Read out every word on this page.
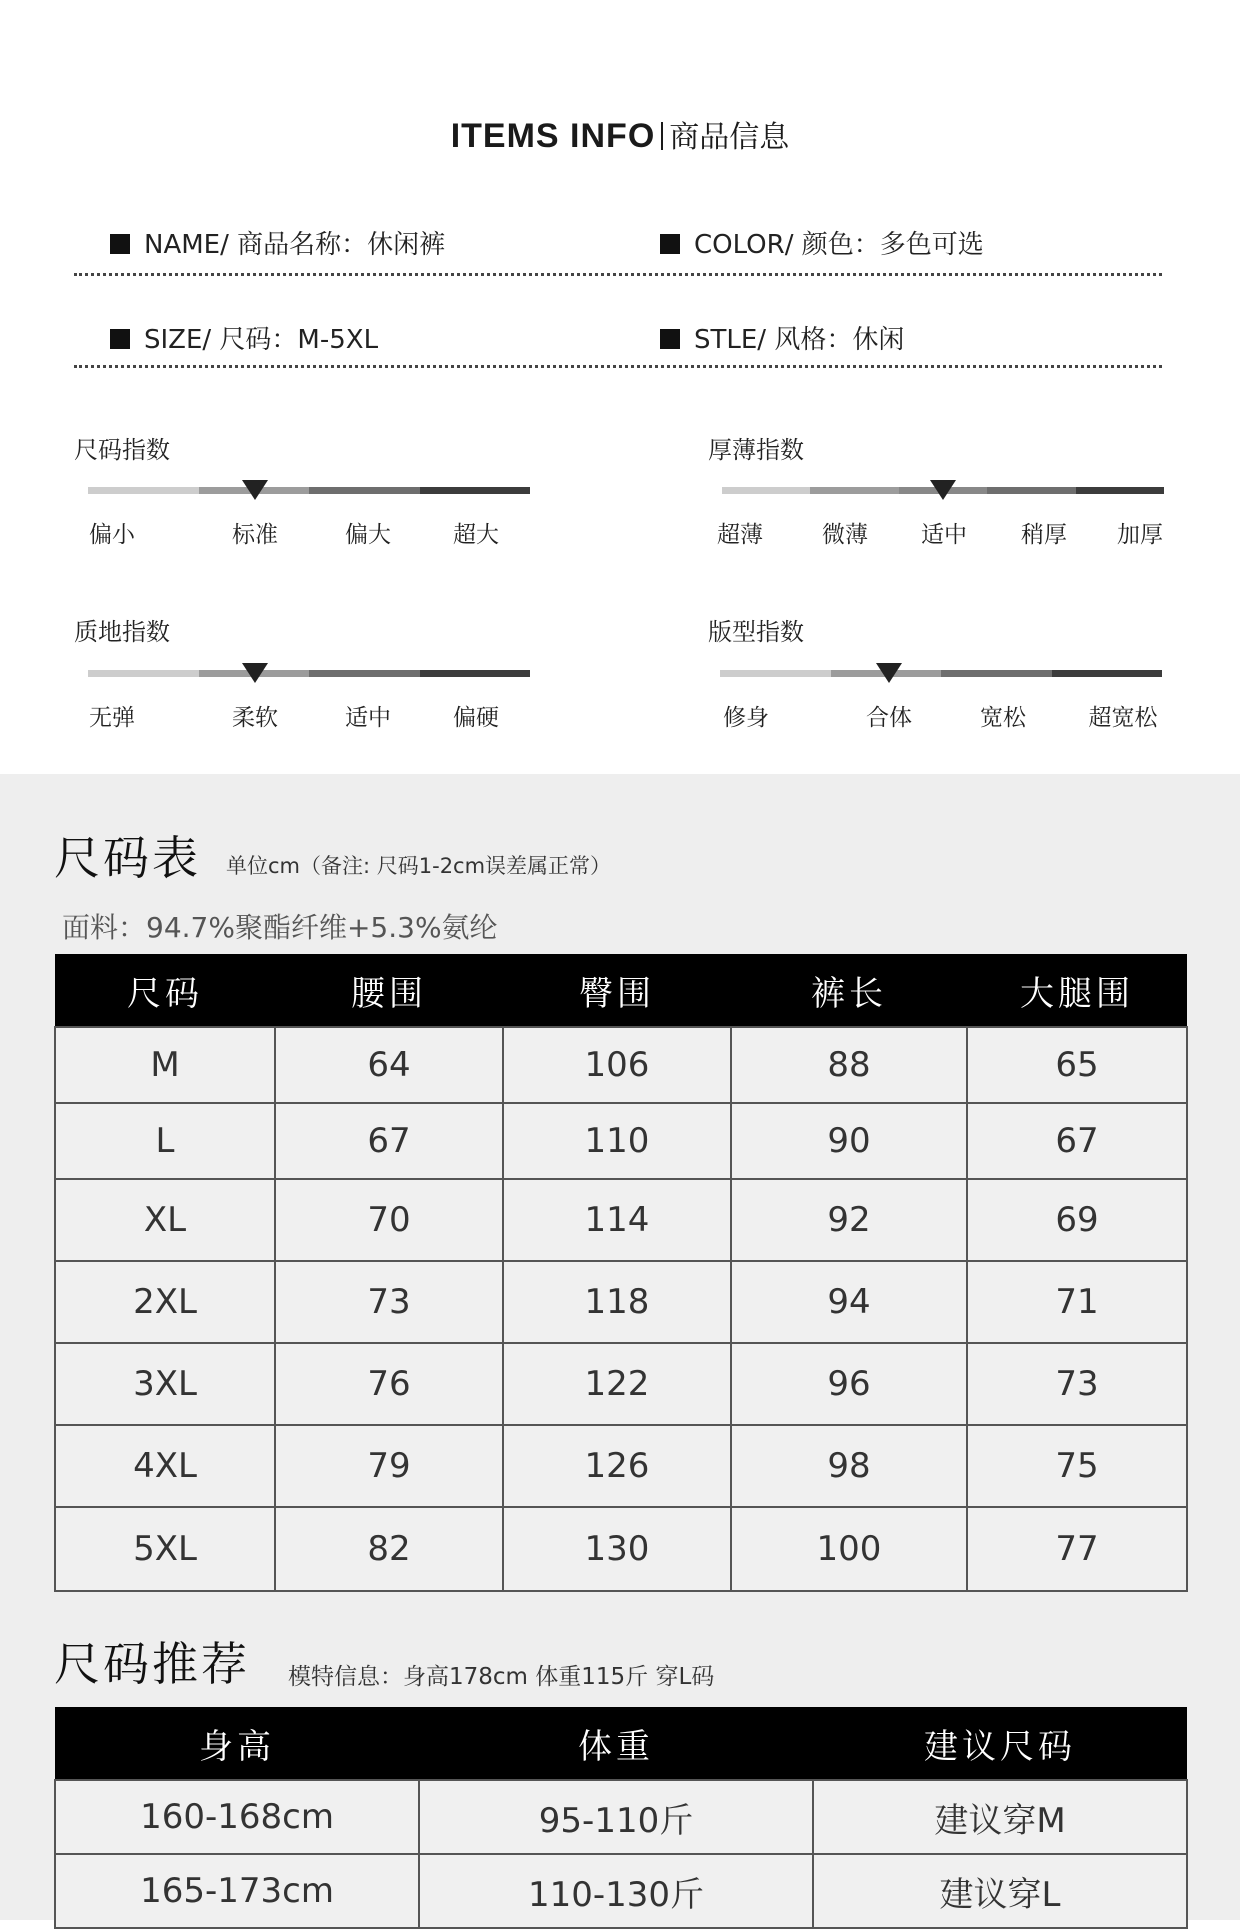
ITEMS INFO 商品信息
NAME/ 商品名称：休闲裤	COLOR/ 颜色：多色可选
SIZE/ 尺码：M-5XL	STLE/ 风格：休闲
尺码指数
偏小	标准	偏大	超大
厚薄指数
超薄	微薄 适中 稍厚 加厚
质地指数
无弹	柔软	适中	偏硬
版型指数
修身	合体	宽松	超宽松
尺码表 单位cm（备注: 尺码1-2cm误差属正常）
面料：94.7%聚酯纤维+5.3%氨纶
尺码	腰围	臀围	裤长	大腿围
M	64	106	88	65
L	67	110	90	67
XL	70	114	92	69
2XL	73	118	94	71
3XL	76	122	96	73
4XL	79	126	98	75
5XL	82	130	100	77
尺码推荐 模特信息：身高178cm 体重115斤 穿L码
身高	体重	建议尺码
160-168cm	95-110斤	建议穿M
165-173cm	110-130斤	建议穿L
